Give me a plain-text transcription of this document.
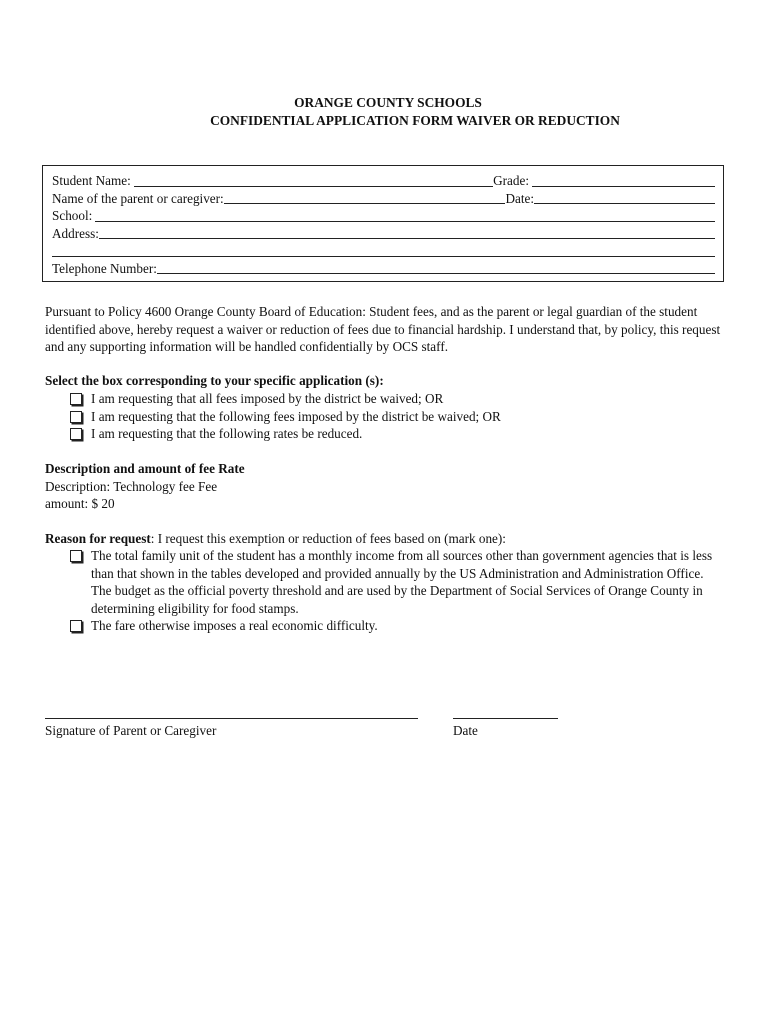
ORANGE COUNTY SCHOOLS

CONFIDENTIAL APPLICATION FORM WAIVER OR REDUCTION

Student Name:	Grade:
Name of the parent or caregiver:	Date:
School:
Address:
Telephone Number:

Pursuant to Policy 4600 Orange County Board of Education: Student fees, and as the parent or legal guardian of the student identified above, hereby request a waiver or reduction of fees due to financial hardship. I understand that, by policy, this request and any supporting information will be handled confidentially by OCS staff.

Select the box corresponding to your specific application (s):

I am requesting that all fees imposed by the district be waived; OR
I am requesting that the following fees imposed by the district be waived; OR
I am requesting that the following rates be reduced.

Description and amount of fee Rate

Description: Technology fee Fee

amount: $ 20

Reason for request: I request this exemption or reduction of fees based on (mark one):

The total family unit of the student has a monthly income from all sources other than government agencies that is less than that shown in the tables developed and provided annually by the US Administration and Administration Office. The budget as the official poverty threshold and are used by the Department of Social Services of Orange County in determining eligibility for food stamps.
The fare otherwise imposes a real economic difficulty.

Signature of Parent or Caregiver	Date
